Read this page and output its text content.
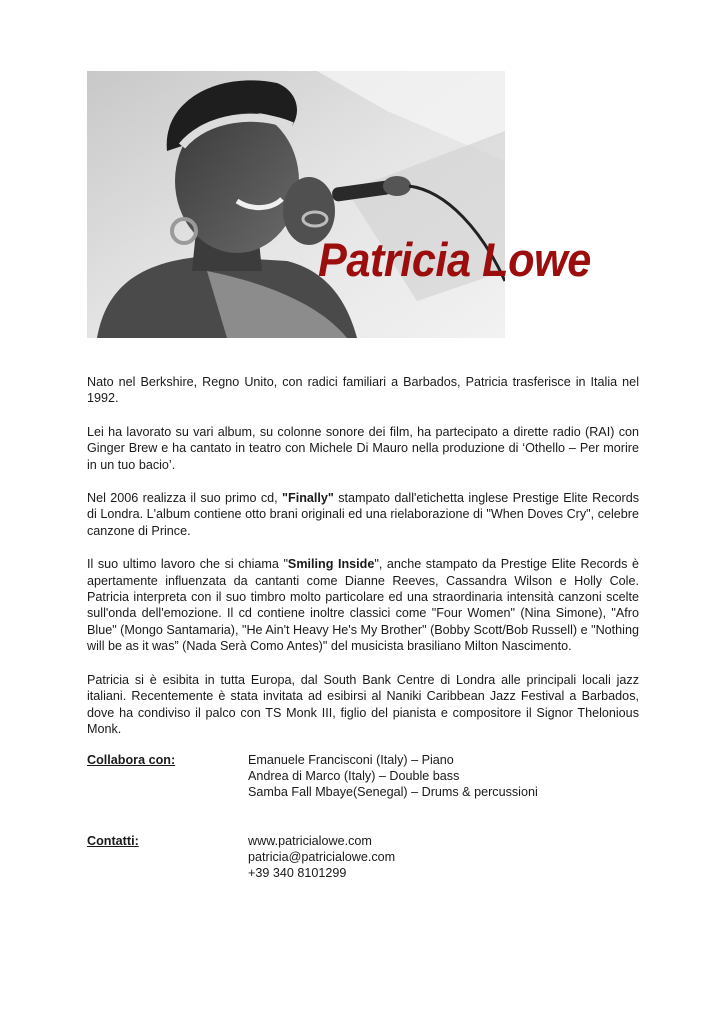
Patricia Lowe

Nato nel Berkshire, Regno Unito, con radici familiari a Barbados, Patricia trasferisce in Italia nel 1992.

Lei ha lavorato su vari album, su colonne sonore dei film, ha partecipato a dirette radio (RAI) con Ginger Brew e ha cantato in teatro con Michele Di Mauro nella produzione di ‘Othello – Per morire in un tuo bacio’.

Nel 2006 realizza il suo primo cd, "Finally" stampato dall'etichetta inglese Prestige Elite Records di Londra. L'album contiene otto brani originali ed una rielaborazione di "When Doves Cry", celebre canzone di Prince.

Il suo ultimo lavoro che si chiama "Smiling Inside", anche stampato da Prestige Elite Records è apertamente influenzata da cantanti come Dianne Reeves, Cassandra Wilson e Holly Cole. Patricia interpreta con il suo timbro molto particolare ed una straordinaria intensità canzoni scelte sull'onda dell'emozione. Il cd contiene inoltre classici come "Four Women" (Nina Simone), "Afro Blue" (Mongo Santamaria), "He Ain't Heavy He's My Brother" (Bobby Scott/Bob Russell) e "Nothing will be as it was” (Nada Serà Como Antes)" del musicista brasiliano Milton Nascimento.

Patricia si è esibita in tutta Europa, dal South Bank Centre di Londra alle principali locali jazz italiani. Recentemente è stata invitata ad esibirsi al Naniki Caribbean Jazz Festival a Barbados, dove ha condiviso il palco con TS Monk III, figlio del pianista e compositore il Signor Thelonious Monk.

Collabora con:	Emanuele Francisconi (Italy) – Piano
Andrea di Marco (Italy) – Double bass
Samba Fall Mbaye(Senegal) – Drums & percussioni
Contatti:	www.patricialowe.com
patricia@patricialowe.com
+39 340 8101299
